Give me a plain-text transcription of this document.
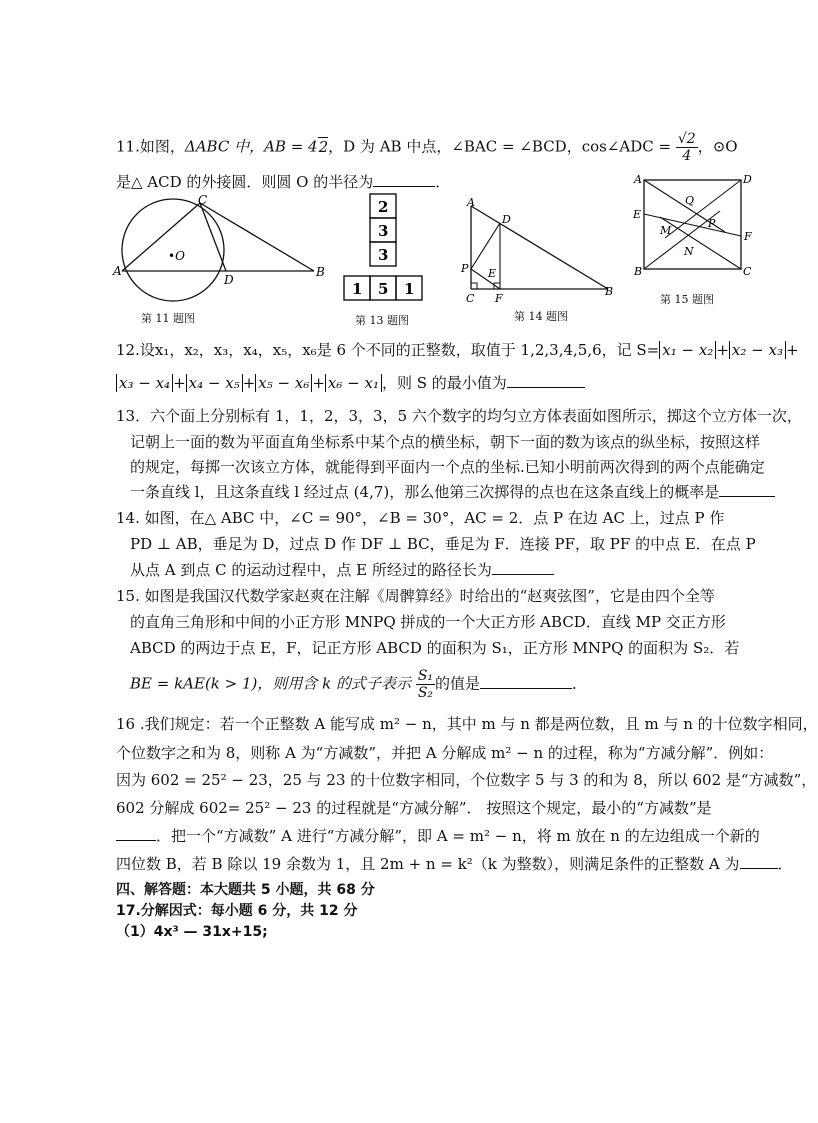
11.如图，ΔABC 中，AB = 42，D 为 AB 中点，∠BAC = ∠BCD，cos∠ADC = $\frac{√2}{4}$ ，⊙O
是△ ACD 的外接圆．则圆 O 的半径为	．
C
A
•O
D
B
第 11 题图
2
3
3
1 5 1
第 13 题图
A
D
P E
C F
B
第 14 题图
A	D
E
Q
M
P
F
N
B	C
第 15 题图
12.设x₁，x₂，x₃，x₄，x₅，x₆是 6 个不同的正整数，取值于 1,2,3,4,5,6，记 S= x₁ − x₂ + x₂ − x₃ +
x₃ − x₄ + x₄ − x₅ + x₅ − x₆ + x₆ − x₁ ，则 S 的最小值为
13．六个面上分别标有 1，1，2，3，3，5 六个数字的均匀立方体表面如图所示，掷这个立方体一次，
记朝上一面的数为平面直角坐标系中某个点的横坐标，朝下一面的数为该点的纵坐标，按照这样
的规定，每掷一次该立方体，就能得到平面内一个点的坐标.已知小明前两次得到的两个点能确定
一条直线 l，且这条直线 l 经过点 (4,7)，那么他第三次掷得的点也在这条直线上的概率是
14. 如图，在△ ABC 中，∠C = 90°，∠B = 30°，AC = 2．点 P 在边 AC 上，过点 P 作
PD ⊥ AB，垂足为 D，过点 D 作 DF ⊥ BC，垂足为 F．连接 PF，取 PF 的中点 E．在点 P
从点 A 到点 C 的运动过程中，点 E 所经过的路径长为
15. 如图是我国汉代数学家赵爽在注解《周髀算经》时给出的“赵爽弦图”，它是由四个全等
的直角三角形和中间的小正方形 MNPQ 拼成的一个大正方形 ABCD．直线 MP 交正方形
ABCD 的两边于点 E，F，记正方形 ABCD 的面积为 S₁，正方形 MNPQ 的面积为 S₂．若
BE = kAE(k > 1)，则用含 k 的式子表示 $\frac{\text{S₁}}{\text{S₂}}$ 的值是	．
16 .我们规定：若一个正整数 A 能写成 m² − n，其中 m 与 n 都是两位数，且 m 与 n 的十位数字相同，
个位数字之和为 8，则称 A 为“方减数”，并把 A 分解成 m² − n 的过程，称为“方减分解”．例如：
因为 602 = 25² − 23，25 与 23 的十位数字相同，个位数字 5 与 3 的和为 8，所以 602 是“方减数”，
602 分解成 602= 25² − 23 的过程就是“方减分解”． 按照这个规定，最小的“方减数”是
．把一个“方减数” A 进行“方减分解”，即 A = m² − n，将 m 放在 n 的左边组成一个新的
四位数 B，若 B 除以 19 余数为 1，且 2m + n = k²（k 为整数），则满足条件的正整数 A 为	．
四、解答题：本大题共 5 小题，共 68 分
17.分解因式：每小题 6 分，共 12 分
（1）4x³ — 31x+15;
